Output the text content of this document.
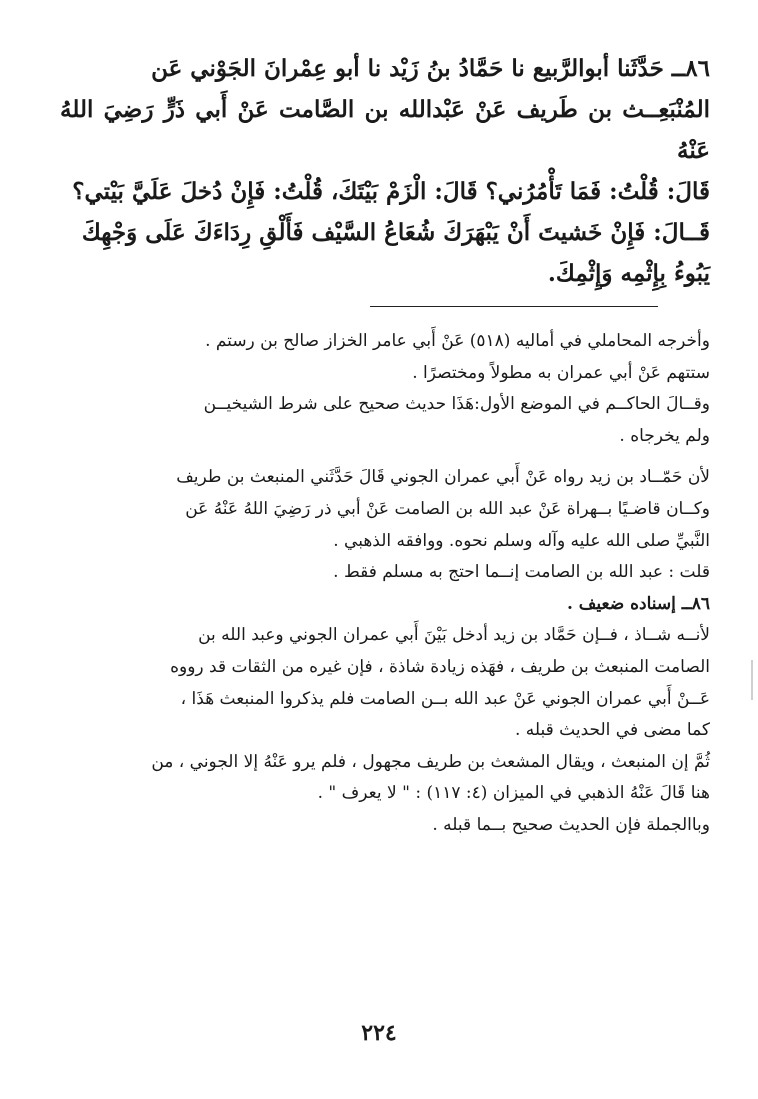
٨٦ــ حَدَّثَنا أبوالرَّبيع نا حَمَّادُ بنُ زَيْد نا أبو عِمْرانَ الجَوْني عَن

المُنْبَعِــث بن طَريف عَنْ عَبْدالله بن الصَّامت عَنْ أَبي ذَرٍّ رَضِيَ اللهُ عَنْهُ

قَالَ: قُلْتُ: فَمَا تَأْمُرُني؟ قَالَ: الْزَمْ بَيْتَكَ، قُلْتُ: فَإِنْ دُخلَ عَلَيَّ بَيْتي؟

قَــالَ: فَإِنْ خَشيتَ أَنْ يَبْهَرَكَ شُعَاعُ السَّيْف فَأَلْقِ رِدَاءَكَ عَلَى وَجْهِكَ

يَبُوءُ بِإِثْمِه وَإِثْمِكَ.

وأخرجه المحاملي في أماليه (٥١٨) عَنْ أَبي عامر الخزاز صالح بن رستم .

ستتهم عَنْ أبي عمران به مطولاً ومختصرًا .

وقــالَ الحاكــم في الموضع الأول:هَذَا حديث صحيح على شرط الشيخيــن

ولم يخرجاه .

لأن حَمّــاد بن زيد رواه عَنْ أَبي عمران الجوني قَالَ حَدَّثَني المنبعث بن طريف

وكــان قاضـيًا بــهراة عَنْ عبد الله بن الصامت عَنْ أبي ذر رَضِيَ اللهُ عَنْهُ عَن

النَّبيِّ صلى الله عليه وآله وسلم نحوه. ووافقه الذهبي .

قلت : عبد الله بن الصامت إنــما احتج به مسلم فقط .

٨٦ــ إسناده ضعيف .

لأنــه شــاذ ، فــإن حَمَّاد بن زيد أدخل بَيْنَ أَبي عمران الجوني وعبد الله بن

الصامت المنبعث بن طريف ، فهَذه زيادة شاذة ، فإن غيره من الثقات قد رووه

عَــنْ أَبي عمران الجوني عَنْ عبد الله بــن الصامت فلم يذكروا المنبعث هَذَا ،

كما مضى في الحديث قبله .

ثُمَّ إن المنبعث ، ويقال المشعث بن طريف مجهول ، فلم يرو عَنْهُ إلا الجوني ، من

هنا قَالَ عَنْهُ الذهبي في الميزان (٤: ١١٧) : " لا يعرف " .

وباالجملة فإن الحديث صحيح بــما قبله .

٢٢٤
